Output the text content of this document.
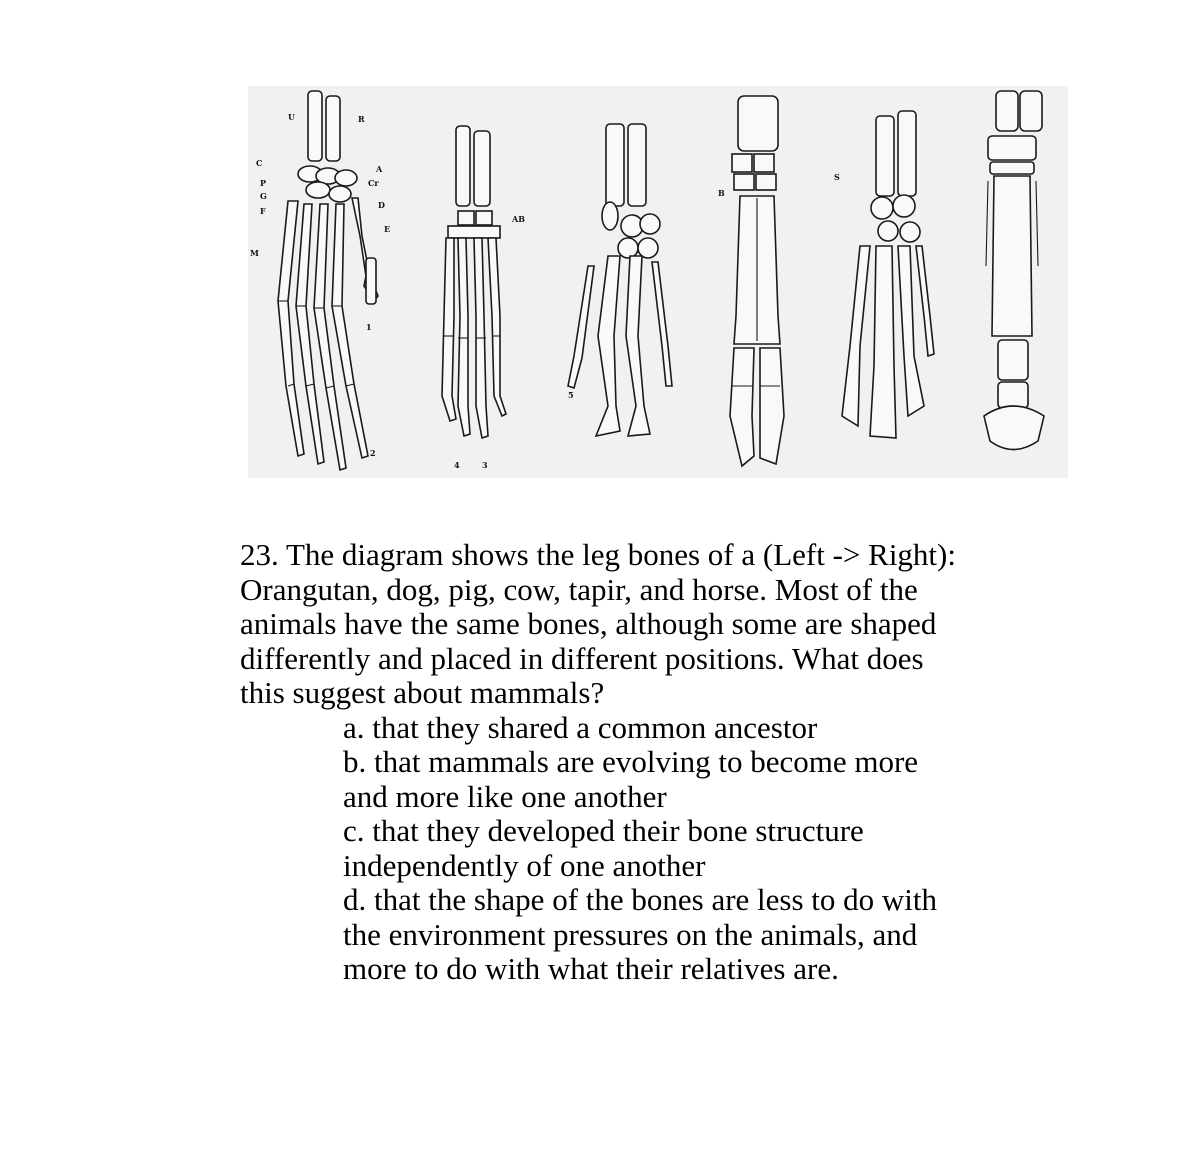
U	R
C
Cr
P
G
F
A
D
E
M
AB
B
S
1
2
3
4
5

23. The diagram shows the leg bones of a (Left -> Right): Orangutan, dog, pig, cow, tapir, and horse. Most of the animals have the same bones, although some are shaped differently and placed in different positions. What does this suggest about mammals?

a. that they shared a common ancestor

b. that mammals are evolving to become more and more like one another

c. that they developed their bone structure independently of one another

d. that the shape of the bones are less to do with the environment pressures on the animals, and more to do with what their relatives are.
